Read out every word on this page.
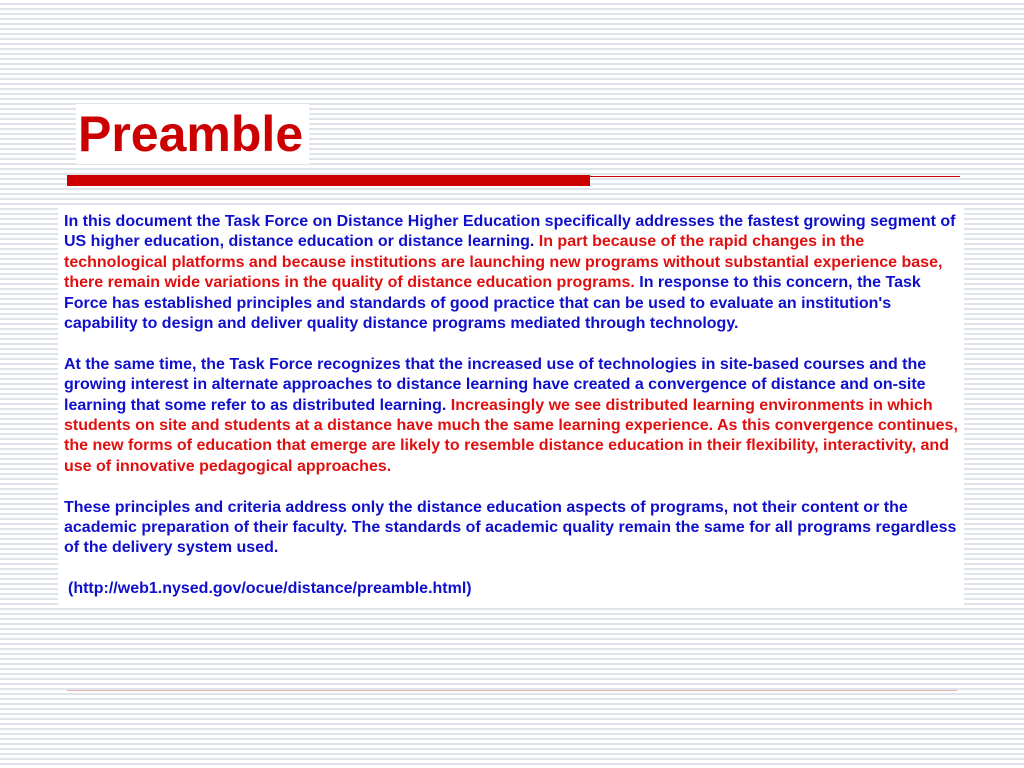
Preamble

In this document the Task Force on Distance Higher Education specifically addresses the fastest growing segment of US higher education, distance education or distance learning. In part because of the rapid changes in the technological platforms and because institutions are launching new programs without substantial experience base, there remain wide variations in the quality of distance education programs. In response to this concern, the Task Force has established principles and standards of good practice that can be used to evaluate an institution's capability to design and deliver quality distance programs mediated through technology.

At the same time, the Task Force recognizes that the increased use of technologies in site-based courses and the growing interest in alternate approaches to distance learning have created a convergence of distance and on-site learning that some refer to as distributed learning. Increasingly we see distributed learning environments in which students on site and students at a distance have much the same learning experience. As this convergence continues, the new forms of education that emerge are likely to resemble distance education in their flexibility, interactivity, and use of innovative pedagogical approaches.

These principles and criteria address only the distance education aspects of programs, not their content or the academic preparation of their faculty. The standards of academic quality remain the same for all programs regardless of the delivery system used.

(http://web1.nysed.gov/ocue/distance/preamble.html)
